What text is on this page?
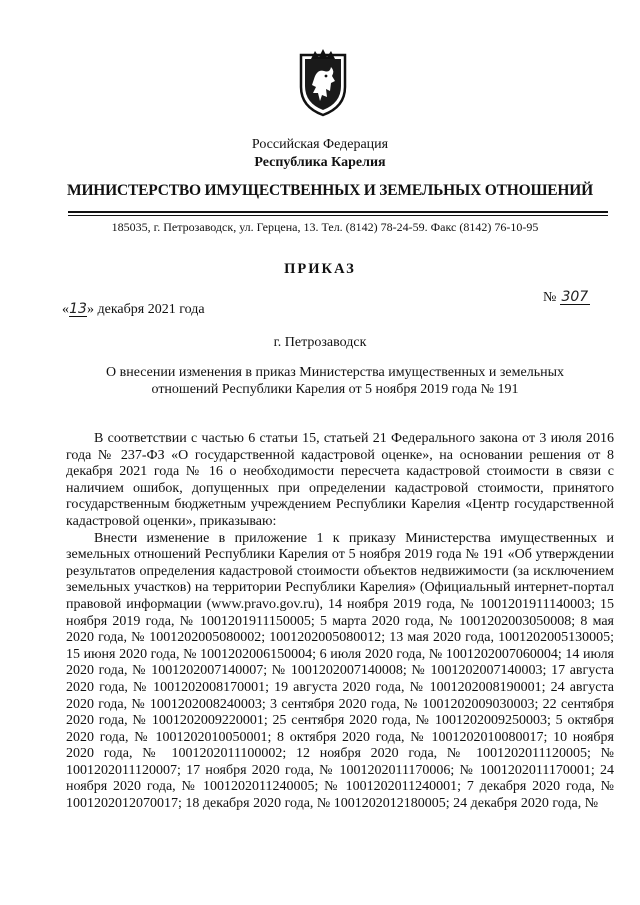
Российская Федерация
Республика Карелия
МИНИСТЕРСТВО ИМУЩЕСТВЕННЫХ И ЗЕМЕЛЬНЫХ ОТНОШЕНИЙ
185035, г. Петрозаводск, ул. Герцена, 13. Тел. (8142) 78-24-59. Факс (8142) 76-10-95
ПРИКАЗ
«13» декабря 2021 года
№ 307
г. Петрозаводск
О внесении изменения в приказ Министерства имущественных и земельных отношений Республики Карелия от 5 ноября 2019 года № 191

В соответствии с частью 6 статьи 15, статьей 21 Федерального закона от 3 июля 2016 года № 237-ФЗ «О государственной кадастровой оценке», на основании решения от 8 декабря 2021 года № 16 о необходимости пересчета кадастровой стоимости в связи с наличием ошибок, допущенных при определении кадастровой стоимости, принятого государственным бюджетным учреждением Республики Карелия «Центр государственной кадастровой оценки», приказываю:

Внести изменение в приложение 1 к приказу Министерства имущественных и земельных отношений Республики Карелия от 5 ноября 2019 года № 191 «Об утверждении результатов определения кадастровой стоимости объектов недвижимости (за исключением земельных участков) на территории Республики Карелия» (Официальный интернет-портал правовой информации (www.pravo.gov.ru), 14 ноября 2019 года, № 1001201911140003; 15 ноября 2019 года, № 1001201911150005; 5 марта 2020 года, № 1001202003050008; 8 мая 2020 года, № 1001202005080002; 1001202005080012; 13 мая 2020 года, 1001202005130005; 15 июня 2020 года, № 1001202006150004; 6 июля 2020 года, № 1001202007060004; 14 июля 2020 года, № 1001202007140007; № 1001202007140008; № 1001202007140003; 17 августа 2020 года, № 1001202008170001; 19 августа 2020 года, № 1001202008190001; 24 августа 2020 года, № 1001202008240003; 3 сентября 2020 года, № 1001202009030003; 22 сентября 2020 года, № 1001202009220001; 25 сентября 2020 года, № 1001202009250003; 5 октября 2020 года, № 1001202010050001; 8 октября 2020 года, № 1001202010080017; 10 ноября 2020 года, № 1001202011100002; 12 ноября 2020 года, № 1001202011120005; № 1001202011120007; 17 ноября 2020 года, № 1001202011170006; № 1001202011170001; 24 ноября 2020 года, № 1001202011240005; № 1001202011240001; 7 декабря 2020 года, № 1001202012070017; 18 декабря 2020 года, № 1001202012180005; 24 декабря 2020 года, №
